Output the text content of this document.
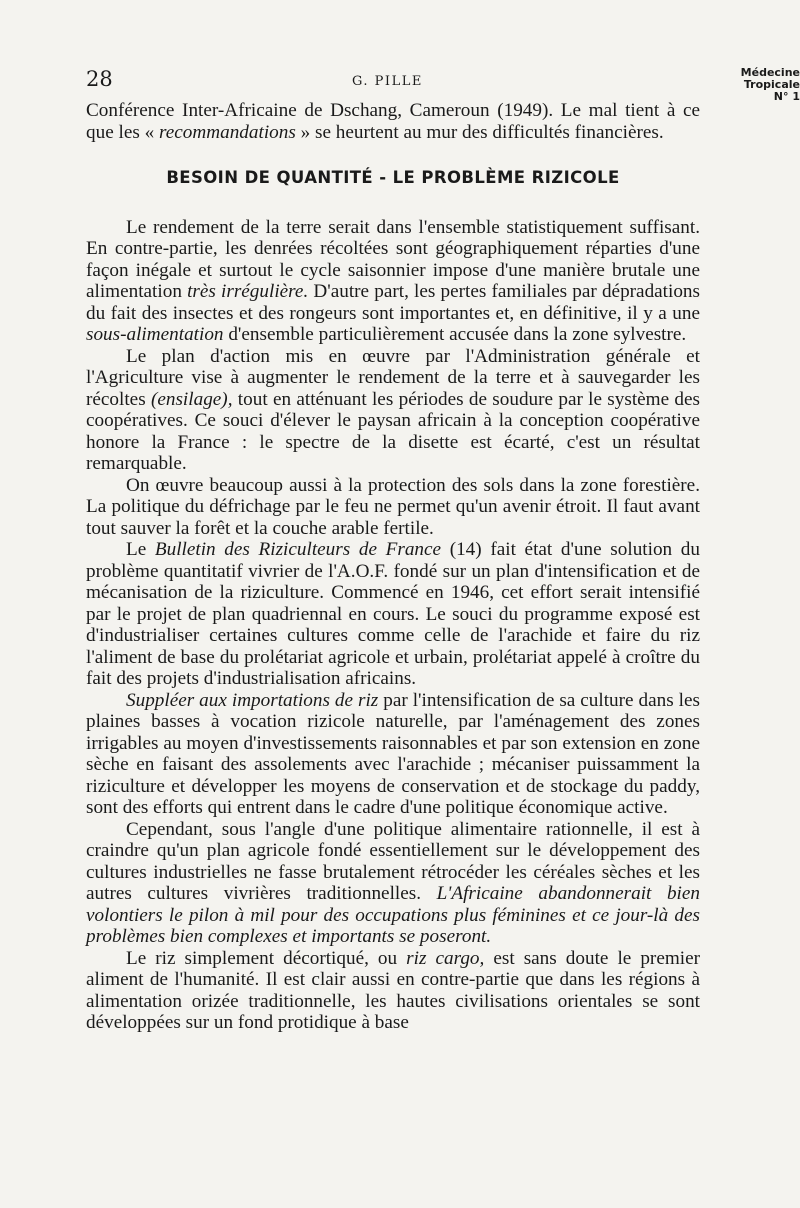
28	G. PILLE
Médecine
Tropicale
N° 1

Conférence Inter-Africaine de Dschang, Cameroun (1949). Le mal tient à ce que les « recommandations » se heurtent au mur des difficultés financières.

BESOIN DE QUANTITÉ - LE PROBLÈME RIZICOLE

Le rendement de la terre serait dans l'ensemble statistiquement suffisant. En contre-partie, les denrées récoltées sont géographiquement réparties d'une façon inégale et surtout le cycle saisonnier impose d'une manière brutale une alimentation très irrégulière. D'autre part, les pertes familiales par dépradations du fait des insectes et des rongeurs sont importantes et, en définitive, il y a une sous-alimentation d'ensemble particulièrement accusée dans la zone sylvestre.

Le plan d'action mis en œuvre par l'Administration générale et l'Agriculture vise à augmenter le rendement de la terre et à sauvegarder les récoltes (ensilage), tout en atténuant les périodes de soudure par le système des coopératives. Ce souci d'élever le paysan africain à la conception coopérative honore la France : le spectre de la disette est écarté, c'est un résultat remarquable.

On œuvre beaucoup aussi à la protection des sols dans la zone forestière. La politique du défrichage par le feu ne permet qu'un avenir étroit. Il faut avant tout sauver la forêt et la couche arable fertile.

Le Bulletin des Riziculteurs de France (14) fait état d'une solution du problème quantitatif vivrier de l'A.O.F. fondé sur un plan d'intensification et de mécanisation de la riziculture. Commencé en 1946, cet effort serait intensifié par le projet de plan quadriennal en cours. Le souci du programme exposé est d'industrialiser certaines cultures comme celle de l'arachide et faire du riz l'aliment de base du prolétariat agricole et urbain, prolétariat appelé à croître du fait des projets d'industrialisation africains.

Suppléer aux importations de riz par l'intensification de sa culture dans les plaines basses à vocation rizicole naturelle, par l'aménagement des zones irrigables au moyen d'investissements raisonnables et par son extension en zone sèche en faisant des assolements avec l'arachide ; mécaniser puissamment la riziculture et développer les moyens de conservation et de stockage du paddy, sont des efforts qui entrent dans le cadre d'une politique économique active.

Cependant, sous l'angle d'une politique alimentaire rationnelle, il est à craindre qu'un plan agricole fondé essentiellement sur le développement des cultures industrielles ne fasse brutalement rétrocéder les céréales sèches et les autres cultures vivrières traditionnelles. L'Africaine abandonnerait bien volontiers le pilon à mil pour des occupations plus féminines et ce jour-là des problèmes bien complexes et importants se poseront.

Le riz simplement décortiqué, ou riz cargo, est sans doute le premier aliment de l'humanité. Il est clair aussi en contre-partie que dans les régions à alimentation orizée traditionnelle, les hautes civilisations orientales se sont développées sur un fond protidique à base
